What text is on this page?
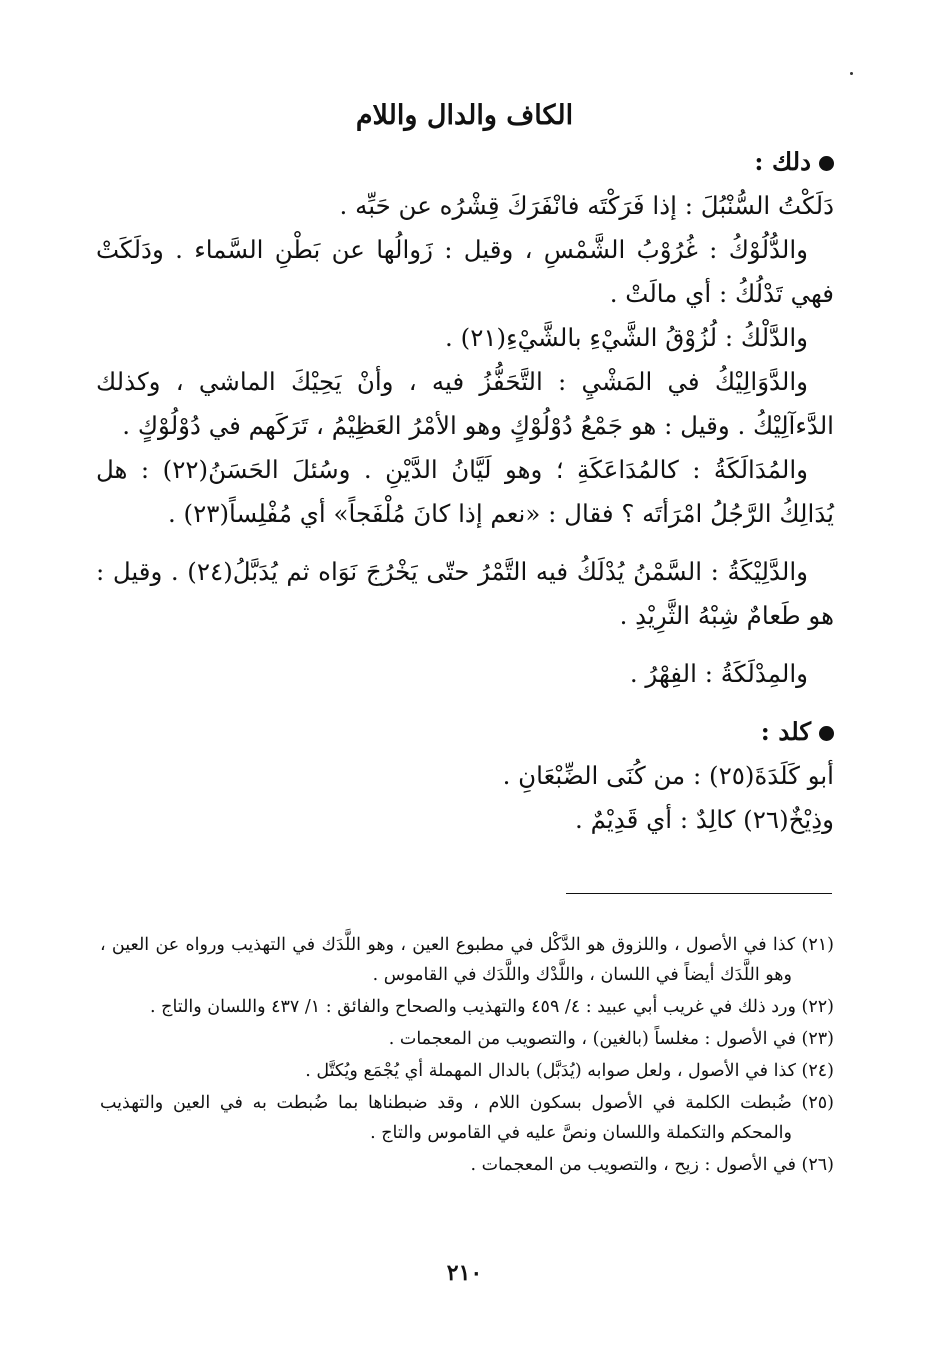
الكاف والدال واللام

دلك :

دَلَكْتُ السُّنْبُلَ : إذا فَرَكْتَه فانْفَرَكَ قِشْرُه عن حَبِّه .

والدُّلُوْكُ : غُرُوْبُ الشَّمْسِ ، وقيل : زَوالُها عن بَطْنِ السَّماء . ودَلَكَتْ فهي تَدْلُكُ : أي مالَتْ .

والدَّلْكُ : لُزُوْقُ الشَّيْءِ بالشَّيْءِ(٢١) .

والدَّوَالِيْكُ في المَشْيِ : التَّحَفُّزُ فيه ، وأنْ يَحِيْكَ الماشي ، وكذلك الدَّءآلِيْكُ . وقيل : هو جَمْعُ دُوْلُوْكٍ وهو الأمْرُ العَظِيْمُ ، تَرَكَهم في دُوْلُوْكٍ .

والمُدَالَكَةُ : كالمُدَاعَكَةِ ؛ وهو لَيَّانُ الدَّيْنِ . وسُئلَ الحَسَنُ(٢٢) : هل يُدَالِكُ الرَّجُلُ امْرَأتَه ؟ فقال : «نعم إذا كانَ مُلْفَجاً» أي مُفْلِساً(٢٣) .

والدَّلِيْكَةُ : السَّمْنُ يُدْلَكُ فيه التَّمْرُ حتّى يَخْرُجَ نَوَاه ثم يُدَبَّلُ(٢٤) . وقيل : هو طَعامٌ شِبْهُ الثَّرِيْدِ .

والمِدْلَكَةُ : الفِهْرُ .

كلد :

أبو كَلَدَةَ(٢٥) : من كُنَى الضِّبْعَانِ .

وذِيْخٌ(٢٦) كالِدٌ : أي قَدِيْمٌ .

(٢١) كذا في الأصول ، واللزوق هو الدَّكْل في مطبوع العين ، وهو اللَّدَك في التهذيب ورواه عن العين ، وهو اللَّدَك أيضاً في اللسان ، واللَّدْك واللَّدَك في القاموس .

(٢٢) ورد ذلك في غريب أبي عبيد : ٤/ ٤٥٩ والتهذيب والصحاح والفائق : ١/ ٤٣٧ واللسان والتاج .

(٢٣) في الأصول : مغلساً (بالغين) ، والتصويب من المعجمات .

(٢٤) كذا في الأصول ، ولعل صوابه (يُدَبَّل) بالدال المهملة أي يُجْمَع ويُكتَّل .

(٢٥) ضُبطت الكلمة في الأصول بسكون اللام ، وقد ضبطناها بما ضُبطت به في العين والتهذيب والمحكم والتكملة واللسان ونصَّ عليه في القاموس والتاج .

(٢٦) في الأصول : زيح ، والتصويب من المعجمات .

٢١٠
